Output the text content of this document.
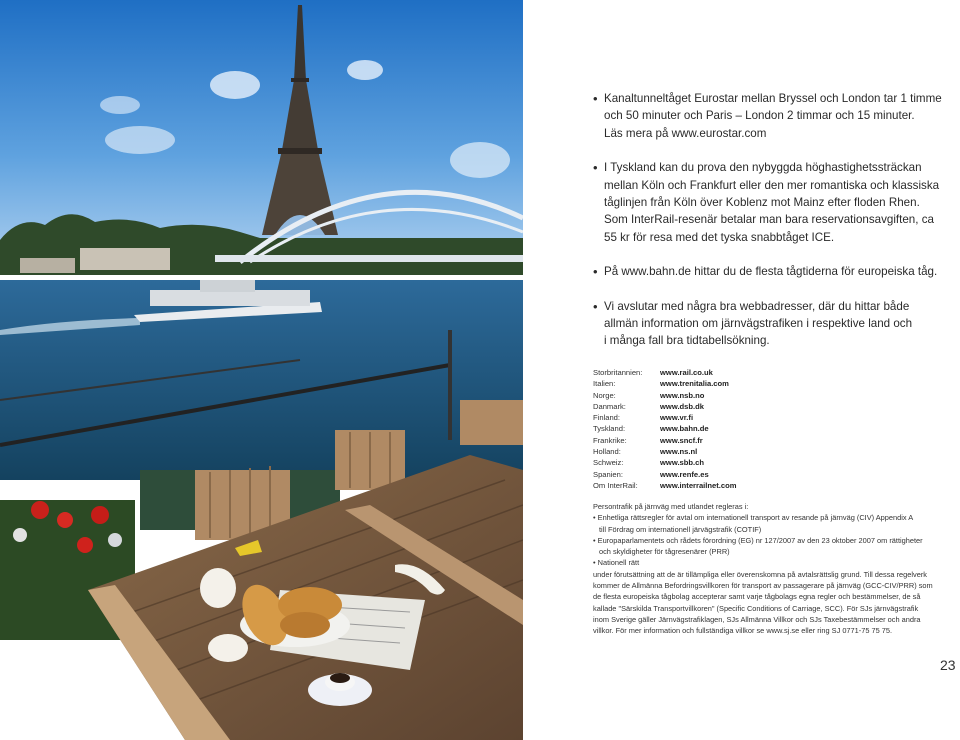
• Kanaltunneltåget Eurostar mellan Bryssel och London tar 1 timme

och 50 minuter och Paris – London 2 timmar och 15 minuter.

Läs mera på www.eurostar.com

• I Tyskland kan du prova den nybyggda höghastighetssträckan

mellan Köln och Frankfurt eller den mer romantiska och klassiska

tåglinjen från Köln över Koblenz mot Mainz efter floden Rhen.

Som InterRail-resenär betalar man bara reservationsavgiften, ca

55 kr för resa med det tyska snabbtåget ICE.

• På www.bahn.de hittar du de flesta tågtiderna för europeiska tåg.

• Vi avslutar med några bra webbadresser, där du hittar både

allmän information om järnvägstrafiken i respektive land och

i många fall bra tidtabellsökning.

Storbritannien:	www.rail.co.uk
Italien:	www.trenitalia.com
Norge:	www.nsb.no
Danmark:	www.dsb.dk
Finland:	www.vr.fi
Tyskland:	www.bahn.de
Frankrike:	www.sncf.fr
Holland:	www.ns.nl
Schweiz:	www.sbb.ch
Spanien:	www.renfe.es
Om InterRail:	www.interrailnet.com

Persontrafik på järnväg med utlandet regleras i:

• Enhetliga rättsregler för avtal om internationell transport av resande på järnväg (CIV) Appendix A

till Fördrag om internationell järvägstrafik (COTIF)

• Europaparlamentets och rådets förordning (EG) nr 127/2007 av den 23 oktober 2007 om rättigheter

och skyldigheter för tågresenärer (PRR)

• Nationell rätt

under förutsättning att de är tillämpliga eller överenskomna på avtalsrättslig grund. Till dessa regelverk

kommer de Allmänna Befordringsvillkoren för transport av passagerare på järnväg (GCC-CIV/PRR) som

de flesta europeiska tågbolag accepterar samt varje tågbolags egna regler och bestämmelser, de så

kallade "Särskilda Transportvillkoren" (Specific Conditions of Carriage, SCC). För SJs järnvägstrafik

inom Sverige gäller Järnvägstrafiklagen, SJs Allmänna Villkor och SJs Taxebestämmelser och andra

villkor. För mer information och fullständiga villkor se www.sj.se eller ring SJ 0771-75 75 75.

23
